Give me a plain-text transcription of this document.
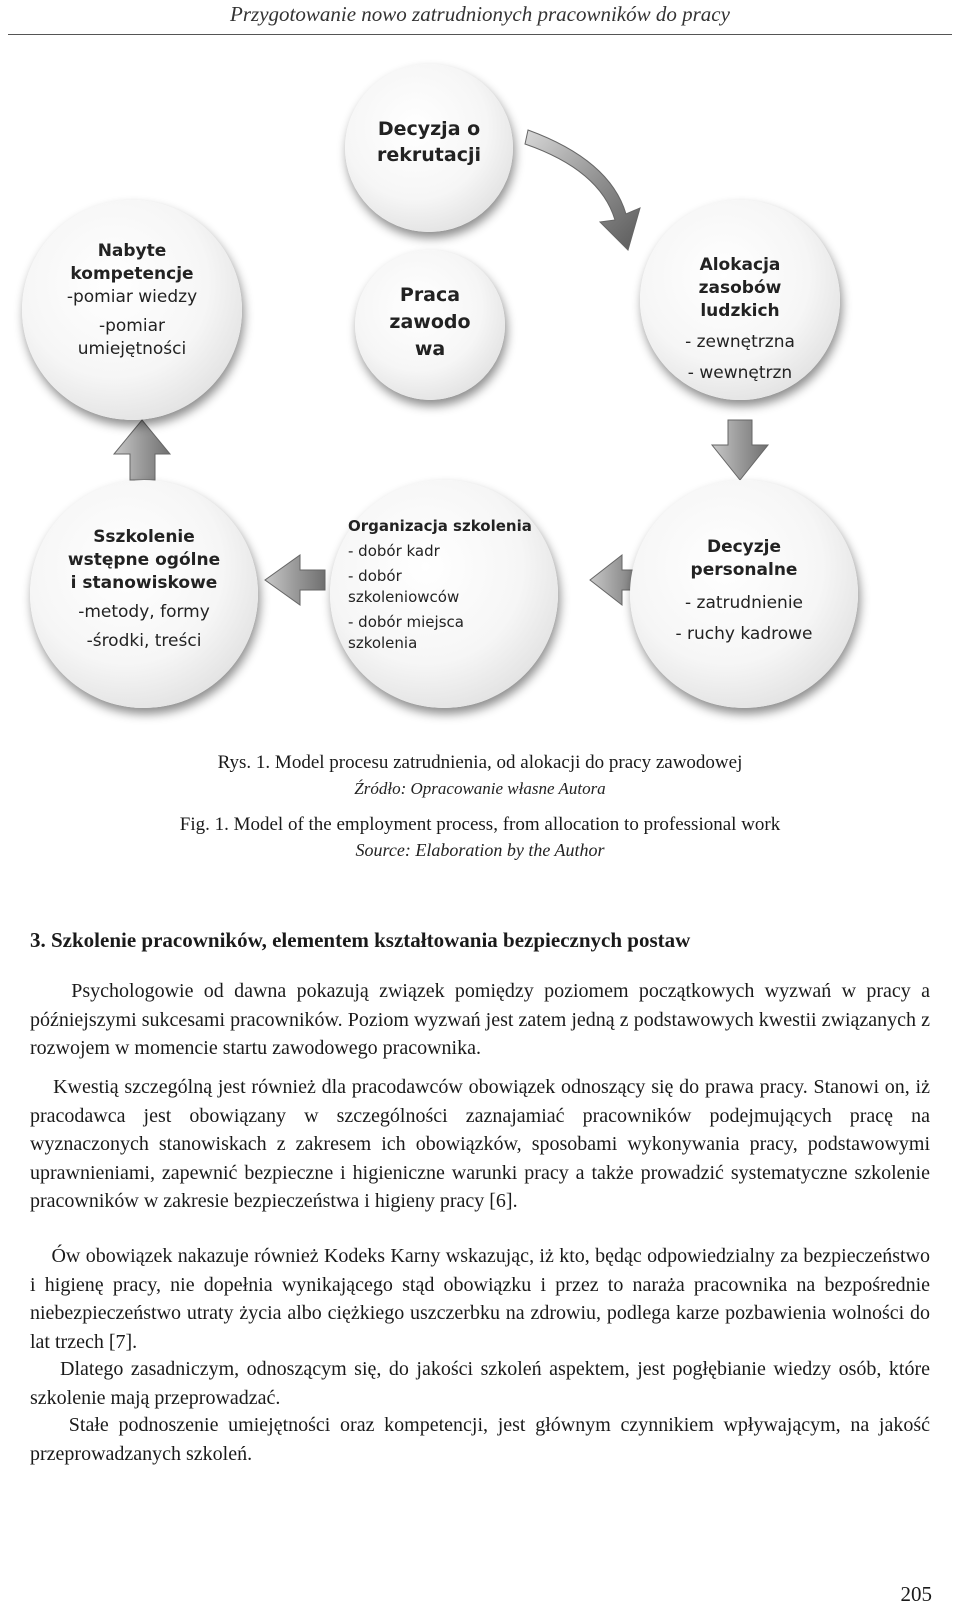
Przygotowanie nowo zatrudnionych pracowników do pracy
Decyzja o
rekrutacji
Alokacja
zasobów
ludzkich
- zewnętrzna
- wewnętrzn
Praca
zawodo
wa
Nabyte
kompetencje
-pomiar wiedzy
-pomiar
umiejętności
Sszkolenie
wstępne ogólne
i stanowiskowe
-metody, formy
-środki, treści
Organizacja szkolenia
- dobór kadr
- dobór
szkoleniowców
- dobór miejsca
szkolenia
Decyzje
personalne
- zatrudnienie
- ruchy kadrowe
Rys. 1. Model procesu zatrudnienia, od alokacji do pracy zawodowej
Źródło: Opracowanie własne Autora
Fig. 1. Model of the employment process, from allocation to professional work
Source: Elaboration by the Author
3. Szkolenie pracowników, elementem kształtowania bezpiecznych postaw
Psychologowie od dawna pokazują związek pomiędzy poziomem początkowych wyzwań w pracy a późniejszymi sukcesami pracowników. Poziom wyzwań jest zatem jedną z podstawowych kwestii związanych z rozwojem w momencie startu zawodowego pracownika.
Kwestią szczególną jest również dla pracodawców obowiązek odnoszący się do prawa pracy. Stanowi on, iż pracodawca jest obowiązany w szczególności zaznajamiać pracowników podejmujących pracę na wyznaczonych stanowiskach z zakresem ich obowiązków, sposobami wykonywania pracy, podstawowymi uprawnieniami, zapewnić bezpieczne i higieniczne warunki pracy a także prowadzić systematyczne szkolenie pracowników w zakresie bezpieczeństwa i higieny pracy [6].
Ów obowiązek nakazuje również Kodeks Karny wskazując, iż kto, będąc odpowiedzialny za bezpieczeństwo i higienę pracy, nie dopełnia wynikającego stąd obowiązku i przez to naraża pracownika na bezpośrednie niebezpieczeństwo utraty życia albo ciężkiego uszczerbku na zdrowiu, podlega karze pozbawienia wolności do lat trzech [7].
Dlatego zasadniczym, odnoszącym się, do jakości szkoleń aspektem, jest pogłębianie wiedzy osób, które szkolenie mają przeprowadzać.
Stałe podnoszenie umiejętności oraz kompetencji, jest głównym czynnikiem wpływającym, na jakość przeprowadzanych szkoleń.
205
